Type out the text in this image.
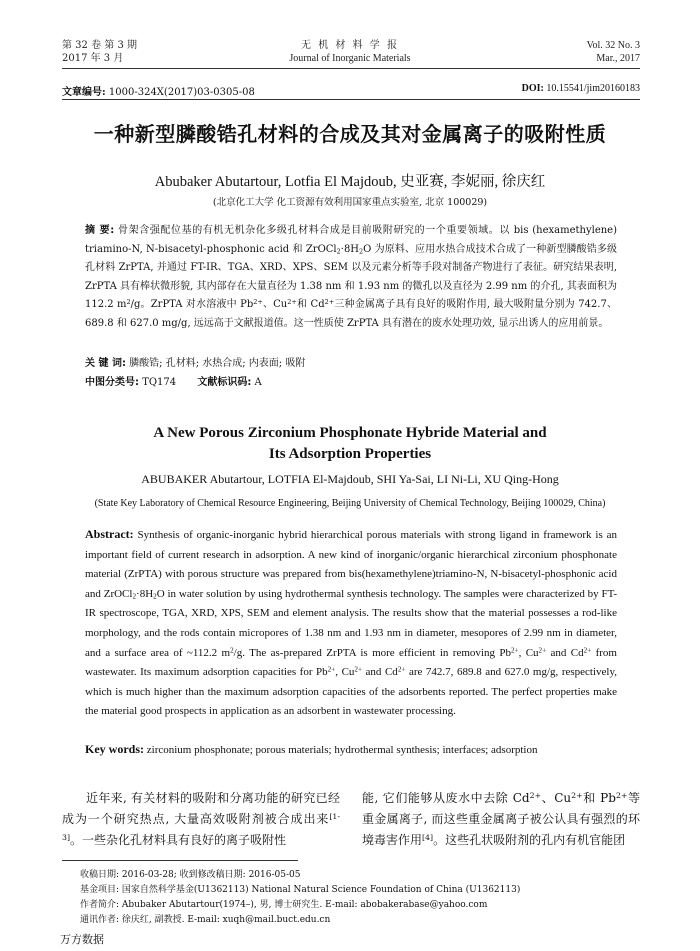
第 32 卷 第 3 期
2017 年 3 月
无 机 材 料 学 报
Journal of Inorganic Materials
Vol. 32 No. 3
Mar., 2017
文章编号: 1000-324X(2017)03-0305-08	DOI: 10.15541/jim20160183
一种新型膦酸锆孔材料的合成及其对金属离子的吸附性质
Abubaker Abutartour, Lotfia El Majdoub, 史亚赛, 李妮丽, 徐庆红
(北京化工大学 化工资源有效利用国家重点实验室, 北京 100029)
摘 要: 骨架含强配位基的有机无机杂化多级孔材料合成是目前吸附研究的一个重要领域。以 bis (hexamethylene) triamino-N, N-bisacetyl-phosphonic acid 和 $ZrOCl_2\cdot 8H_2O$ 为原料、应用水热合成技术合成了一种新型膦酸锆多级孔材料 ZrPTA, 并通过 FT-IR、TGA、XRD、XPS、SEM 以及元素分析等手段对制备产物进行了表征。研究结果表明, ZrPTA 具有棒状微形貌, 其内部存在大量直径为 1.38 nm 和 1.93 nm 的微孔以及直径为 2.99 nm 的介孔, 其表面积为 112.2 $m^2/g$。ZrPTA 对水溶液中 $Pb^{2+}$、$Cu^{2+}$和 $Cd^{2+}$三种金属离子具有良好的吸附作用, 最大吸附量分别为 742.7、689.8 和 627.0 mg/g, 远远高于文献报道值。这一性质使 ZrPTA 具有潜在的废水处理功效, 显示出诱人的应用前景。
关 键 词: 膦酸锆; 孔材料; 水热合成; 内表面; 吸附
中图分类号: TQ174 文献标识码: A
A New Porous Zirconium Phosphonate Hybride Material and
Its Adsorption Properties
ABUBAKER Abutartour, LOTFIA El-Majdoub, SHI Ya-Sai, LI Ni-Li, XU Qing-Hong
(State Key Laboratory of Chemical Resource Engineering, Beijing University of Chemical Technology, Beijing 100029, China)
Abstract: Synthesis of organic-inorganic hybrid hierarchical porous materials with strong ligand in framework is an important field of current research in adsorption. A new kind of inorganic/organic hierarchical zirconium phosphonate material (ZrPTA) with porous structure was prepared from bis(hexamethylene)triamino-N, N-bisacetyl-phosphonic acid and $ZrOCl_2\cdot 8H_2O$ in water solution by using hydrothermal synthesis technology. The samples were characterized by FT-IR spectroscope, TGA, XRD, XPS, SEM and element analysis. The results show that the material possesses a rod-like morphology, and the rods contain micropores of 1.38 nm and 1.93 nm in diameter, mesopores of 2.99 nm in diameter, and a surface area of ~112.2 $m^2/g$. The as-prepared ZrPTA is more efficient in removing $Pb^{2+}$, $Cu^{2+}$ and $Cd^{2+}$ from wastewater. Its maximum adsorption capacities for $Pb^{2+}$, $Cu^{2+}$ and $Cd^{2+}$ are 742.7, 689.8 and 627.0 mg/g, respectively, which is much higher than the maximum adsorption capacities of the adsorbents reported. The perfect properties make the material good prospects in application as an adsorbent in wastewater processing.
Key words: zirconium phosphonate; porous materials; hydrothermal synthesis; interfaces; adsorption
近年来, 有关材料的吸附和分离功能的研究已经成为一个研究热点, 大量高效吸附剂被合成出来[1-3]。一些杂化孔材料具有良好的离子吸附性
能, 它们能够从废水中去除 $Cd^{2+}$、$Cu^{2+}$和 $Pb^{2+}$等重金属离子, 而这些重金属离子被公认具有强烈的环境毒害作用[4]。这些孔状吸附剂的孔内有机官能团
收稿日期: 2016-03-28; 收到修改稿日期: 2016-05-05
基金项目: 国家自然科学基金(U1362113) National Natural Science Foundation of China (U1362113)
作者简介: Abubaker Abutartour(1974–), 男, 博士研究生. E-mail: abobakerabase@yahoo.com
通讯作者: 徐庆红, 副教授. E-mail: xuqh@mail.buct.edu.cn
万方数据
